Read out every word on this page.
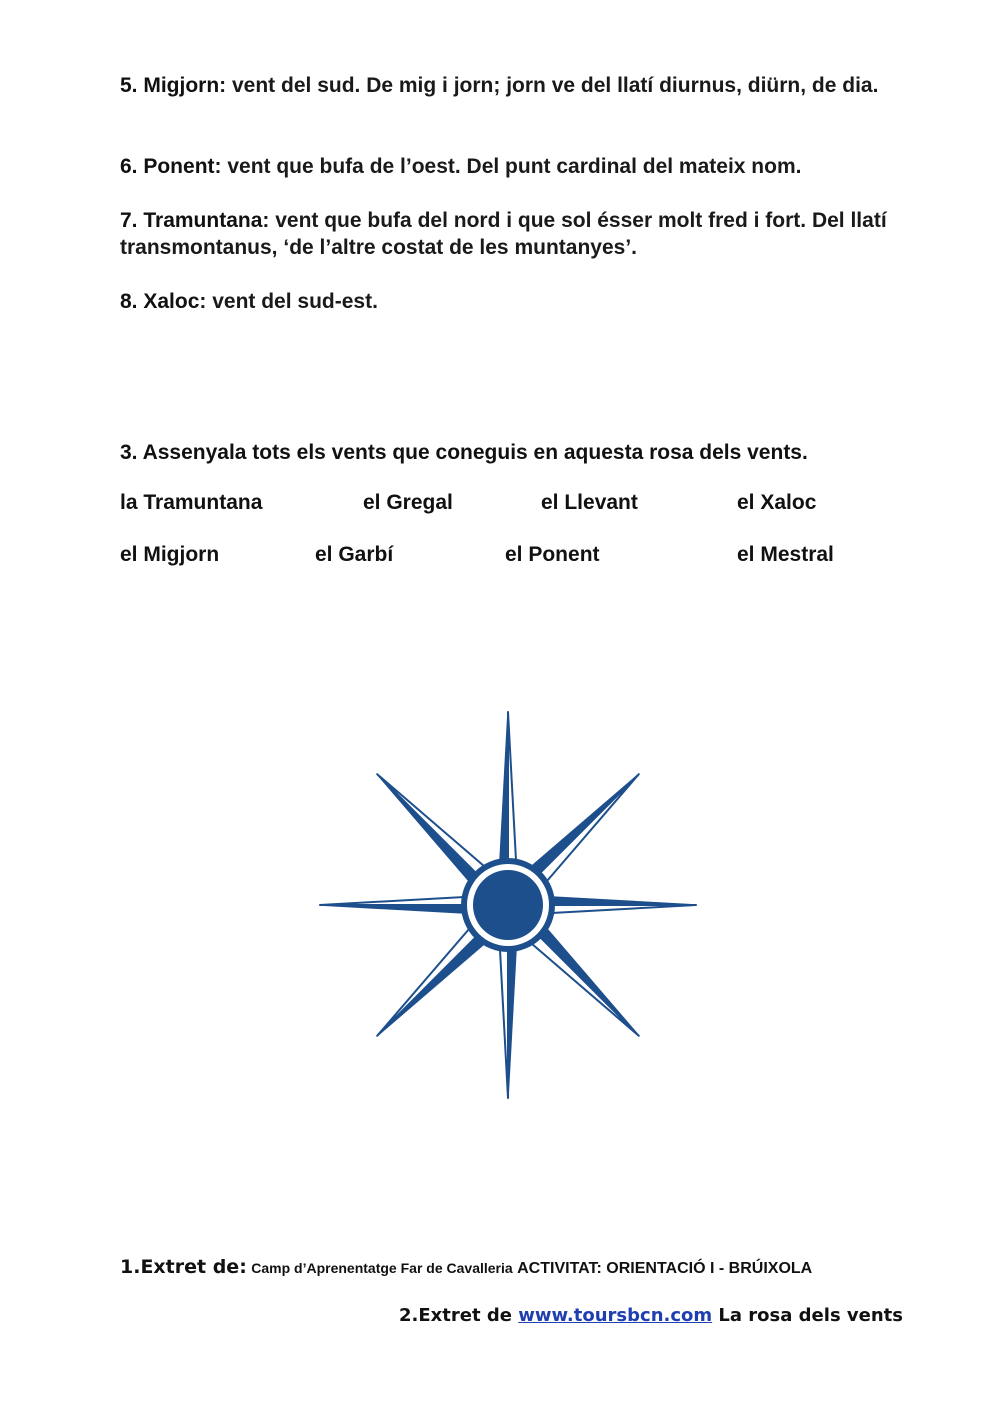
5. Migjorn: vent del sud. De mig i jorn; jorn ve del llatí diurnus, diürn, de dia.
6. Ponent: vent que bufa de l’oest. Del punt cardinal del mateix nom.
7. Tramuntana: vent que bufa del nord i que sol ésser molt fred i fort. Del llatí transmontanus, ‘de l’altre costat de les muntanyes’.
8. Xaloc: vent del sud-est.
3. Assenyala tots els vents que coneguis en aquesta rosa dels vents.
la Tramuntana	el Gregal	el Llevant	el Xaloc
el Migjorn	el Garbí	el Ponent	el Mestral
1.Extret de: Camp d’Aprenentatge Far de Cavalleria ACTIVITAT: ORIENTACIÓ I - BRÚIXOLA
2.Extret de www.toursbcn.com La rosa dels vents
